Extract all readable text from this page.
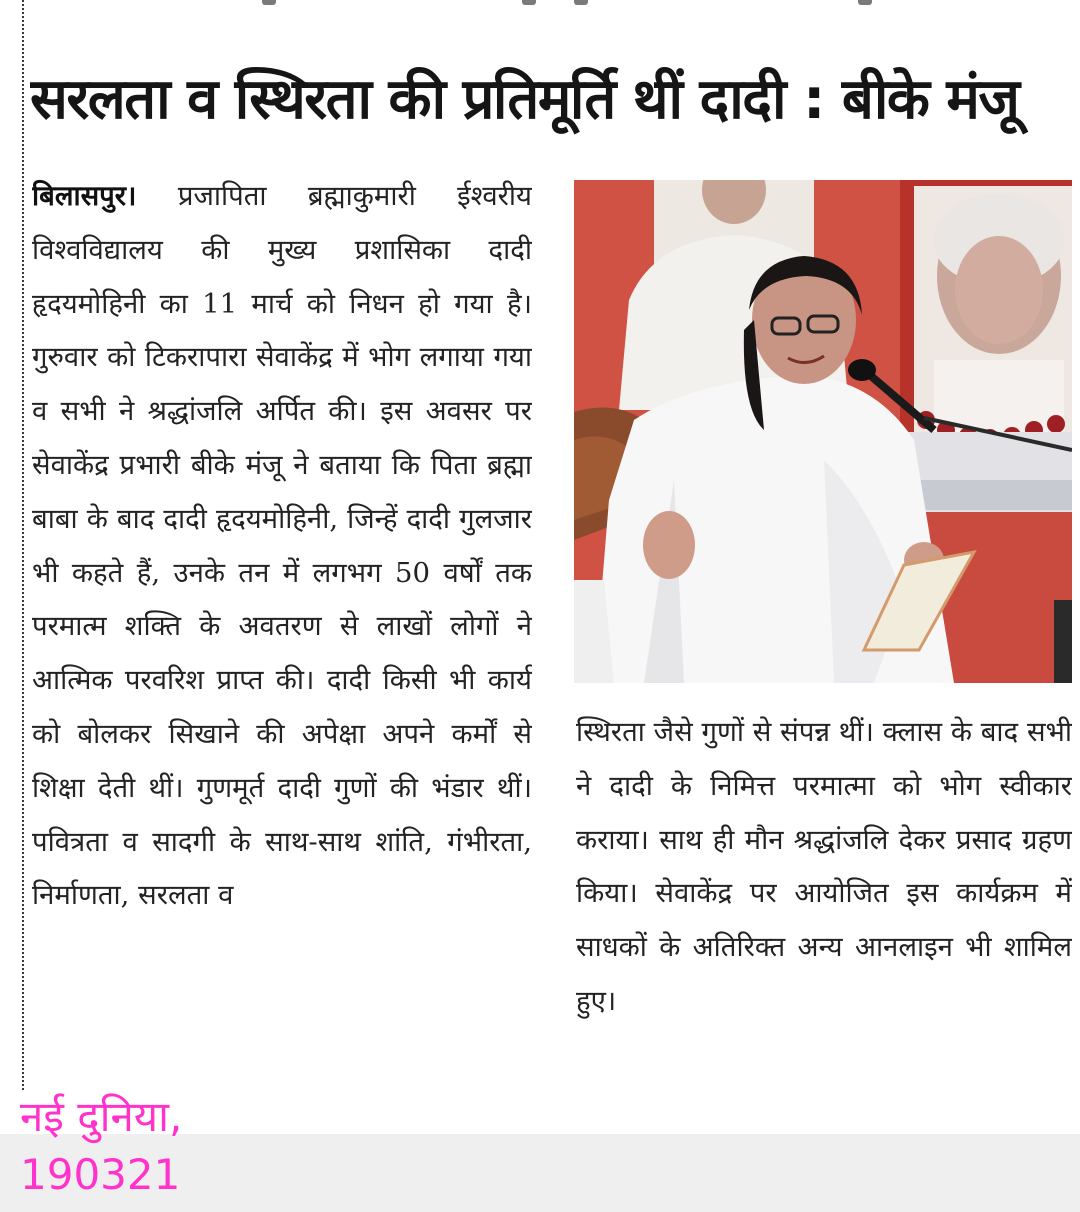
सरलता व स्थिरता की प्रतिमूर्ति थीं दादी : बीके मंजू
बिलासपुर। प्रजापिता ब्रह्माकुमारी ईश्वरीय विश्वविद्यालय की मुख्य प्रशासिका दादी हृदयमोहिनी का 11 मार्च को निधन हो गया है। गुरुवार को टिकरापारा सेवाकेंद्र में भोग लगाया गया व सभी ने श्रद्धांजलि अर्पित की। इस अवसर पर सेवाकेंद्र प्रभारी बीके मंजू ने बताया कि पिता ब्रह्मा बाबा के बाद दादी हृदयमोहिनी, जिन्हें दादी गुलजार भी कहते हैं, उनके तन में लगभग 50 वर्षों तक परमात्म शक्ति के अवतरण से लाखों लोगों ने आत्मिक परवरिश प्राप्त की। दादी किसी भी कार्य को बोलकर सिखाने की अपेक्षा अपने कर्मों से शिक्षा देती थीं। गुणमूर्त दादी गुणों की भंडार थीं। पवित्रता व सादगी के साथ-साथ शांति, गंभीरता, निर्माणता, सरलता व
स्थिरता जैसे गुणों से संपन्न थीं। क्लास के बाद सभी ने दादी के निमित्त परमात्मा को भोग स्वीकार कराया। साथ ही मौन श्रद्धांजलि देकर प्रसाद ग्रहण किया। सेवाकेंद्र पर आयोजित इस कार्यक्रम में साधकों के अतिरिक्त अन्य आनलाइन भी शामिल हुए।
नई दुनिया,
190321
